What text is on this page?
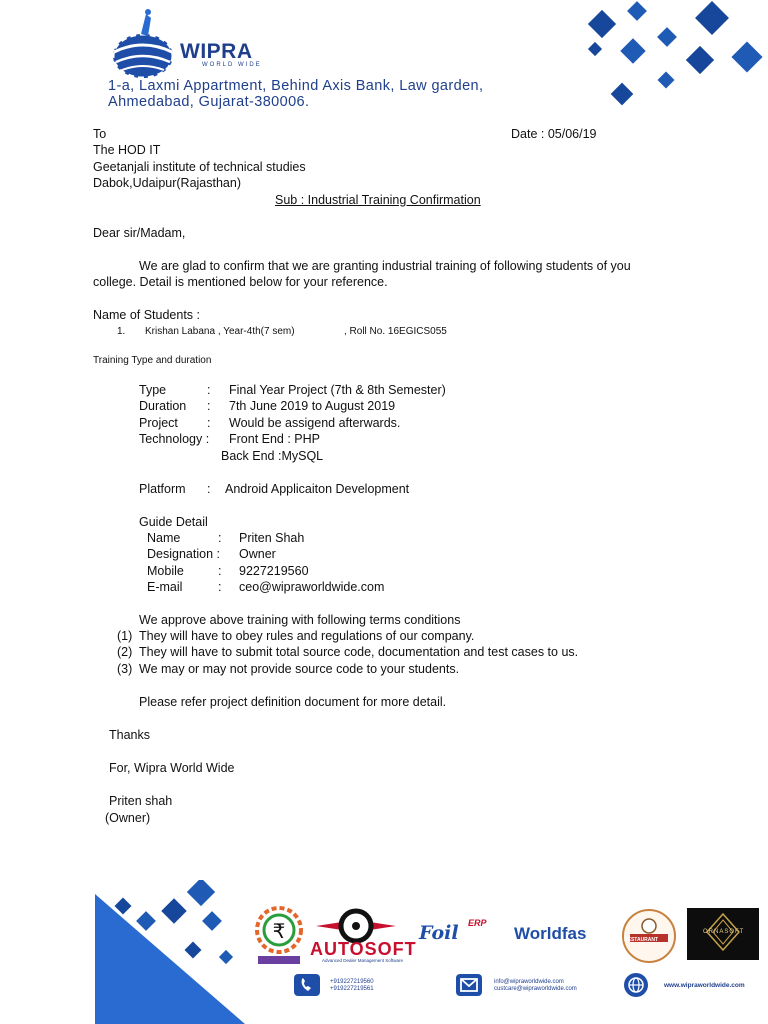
WIPRA
WORLD WIDE
1-a, Laxmi Appartment, Behind Axis Bank, Law garden,
Ahmedabad, Gujarat-380006.
To	Date : 05/06/19
The HOD IT
Geetanjali institute of technical studies
Dabok,Udaipur(Rajasthan)
Sub : Industrial Training Confirmation
Dear sir/Madam,
We are glad to confirm that we are granting industrial training of following students of you
college. Detail is mentioned below for your reference.
Name of Students :
1. Krishan Labana , Year-4th(7 sem)	, Roll No. 16EGICS055
Training Type and duration
Type	: Final Year Project (7th & 8th Semester)
Duration : 7th June 2019 to August 2019
Project : Would be assigend afterwards.
Technology : Front End : PHP
Back End :MySQL
Platform : Android Applicaiton Development
Guide Detail
Name	: Priten Shah
Designation : Owner
Mobile	: 9227219560
E-mail	: ceo@wipraworldwide.com
We approve above training with following terms conditions
(1) They will have to obey rules and regulations of our company.
(2) They will have to submit total source code, documentation and test cases to us.
(3) We may or may not provide source code to your students.
Please refer project definition document for more detail.
Thanks
For, Wipra World Wide
Priten shah
(Owner)
₹
AUTOSOFT
Advanced Dealer Management Software
Foil ERP
Worldfas	RESTAURANT
ORNASOFT
+919227219560
+919227219561
info@wipraworldwide.com
custcare@wipraworldwide.com	www.wipraworldwide.com
